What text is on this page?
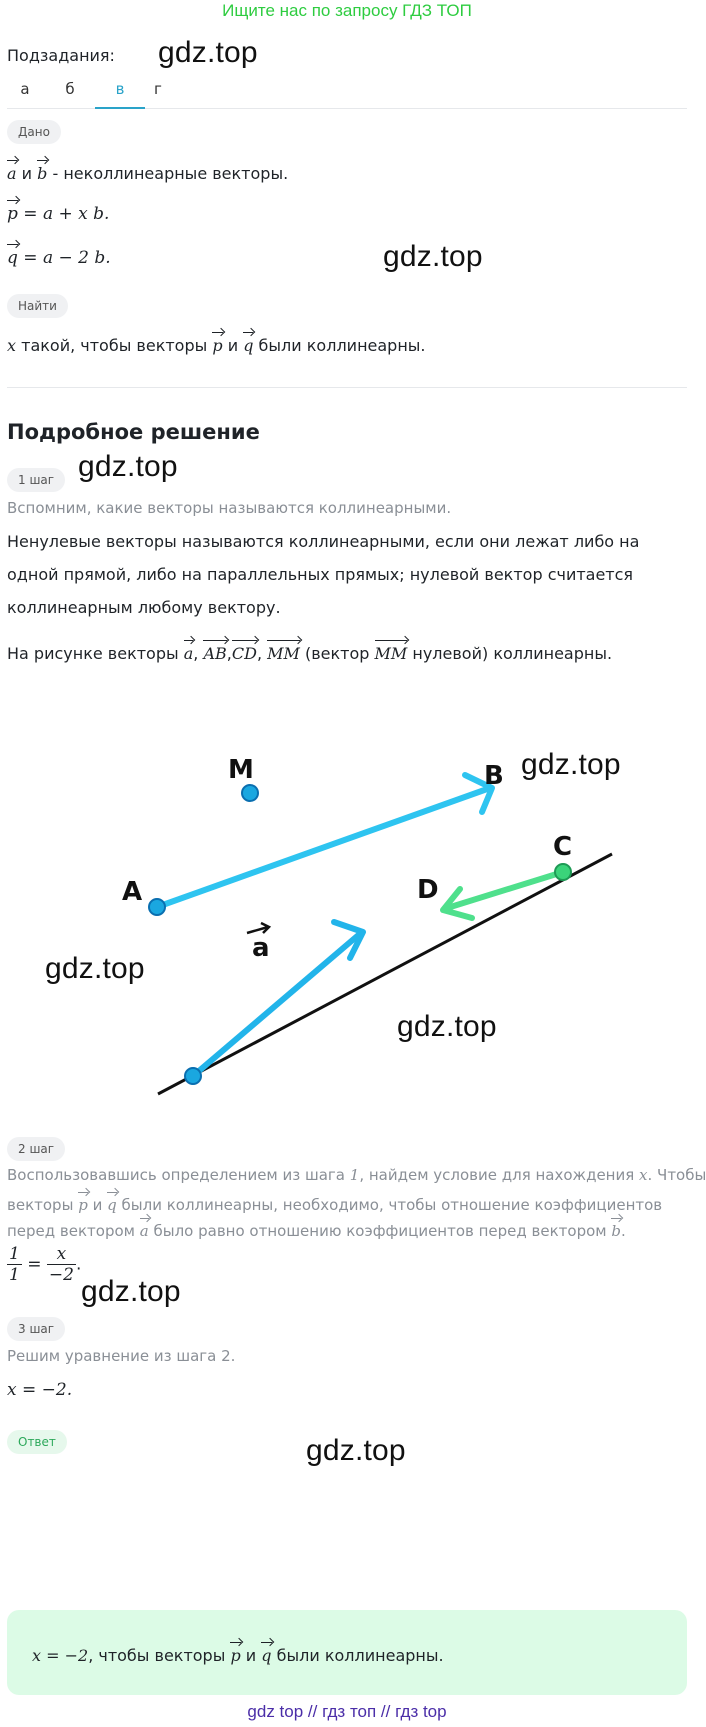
Ищите нас по запросу ГДЗ ТОП
gdz.top
gdz.top
gdz.top
gdz.top
gdz.top
gdz.top
gdz.top
gdz.top
Подзадания:
а	б	в	г
Дано
a и b - неколлинеарные векторы.
p = a + x b.
q = a − 2 b.
Найти
x такой, чтобы векторы p и q были коллинеарны.
Подробное решение
1 шаг
Вспомним, какие векторы называются коллинеарными.
Ненулевые векторы называются коллинеарными, если они лежат либо на
одной прямой, либо на параллельных прямых; нулевой вектор считается
коллинеарным любому вектору.
На рисунке векторы a, AB,CD, MM (вектор MM нулевой) коллинеарны.
M
A
B
C
D
a
2 шаг
Воспользовавшись определением из шага 1, найдем условие для нахождения x. Чтобы
векторы p и q были коллинеарны, необходимо, чтобы отношение коэффициентов
перед вектором a было равно отношению коэффициентов перед вектором b.
$\frac{1}{1} = \frac{x}{-2}$ .
3 шаг
Решим уравнение из шага 2.
x = −2.
Ответ
x = −2, чтобы векторы p и q были коллинеарны.
gdz top // гдз топ // гдз top
